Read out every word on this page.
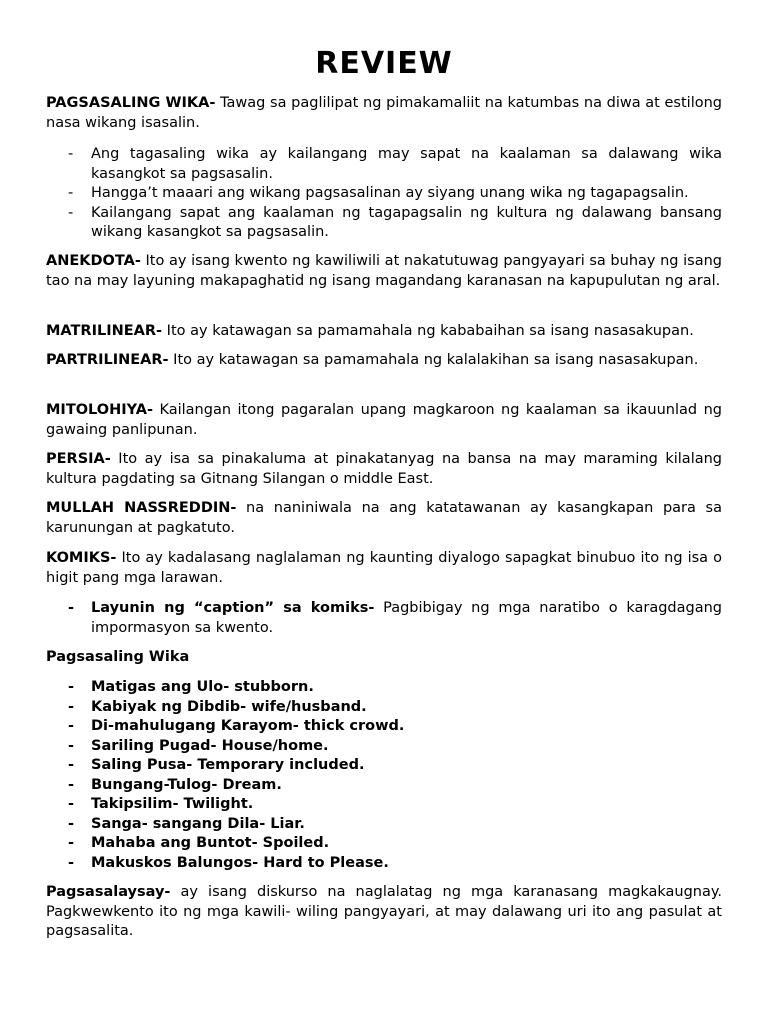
REVIEW

PAGSASALING WIKA- Tawag sa paglilipat ng pimakamaliit na katumbas na diwa at estilong nasa wikang isasalin.

- Ang tagasaling wika ay kailangang may sapat na kaalaman sa dalawang wika kasangkot sa pagsasalin.
- Hangga’t maaari ang wikang pagsasalinan ay siyang unang wika ng tagapagsalin.
- Kailangang sapat ang kaalaman ng tagapagsalin ng kultura ng dalawang bansang wikang kasangkot sa pagsasalin.

ANEKDOTA- Ito ay isang kwento ng kawiliwili at nakatutuwag pangyayari sa buhay ng isang tao na may layuning makapaghatid ng isang magandang karanasan na kapupulutan ng aral.

MATRILINEAR- Ito ay katawagan sa pamamahala ng kababaihan sa isang nasasakupan.

PARTRILINEAR- Ito ay katawagan sa pamamahala ng kalalakihan sa isang nasasakupan.

MITOLOHIYA- Kailangan itong pagaralan upang magkaroon ng kaalaman sa ikauunlad ng gawaing panlipunan.

PERSIA- Ito ay isa sa pinakaluma at pinakatanyag na bansa na may maraming kilalang kultura pagdating sa Gitnang Silangan o middle East.

MULLAH NASSREDDIN- na naniniwala na ang katatawanan ay kasangkapan para sa karunungan at pagkatuto.

KOMIKS- Ito ay kadalasang naglalaman ng kaunting diyalogo sapagkat binubuo ito ng isa o higit pang mga larawan.

- Layunin ng “caption” sa komiks- Pagbibigay ng mga naratibo o karagdagang impormasyon sa kwento.

Pagsasaling Wika

- Matigas ang Ulo- stubborn.
- Kabiyak ng Dibdib- wife/husband.
- Di-mahulugang Karayom- thick crowd.
- Sariling Pugad- House/home.
- Saling Pusa- Temporary included.
- Bungang-Tulog- Dream.
- Takipsilim- Twilight.
- Sanga- sangang Dila- Liar.
- Mahaba ang Buntot- Spoiled.
- Makuskos Balungos- Hard to Please.

Pagsasalaysay- ay isang diskurso na naglalatag ng mga karanasang magkakaugnay. Pagkwewkento ito ng mga kawili- wiling pangyayari, at may dalawang uri ito ang pasulat at pagsasalita.
